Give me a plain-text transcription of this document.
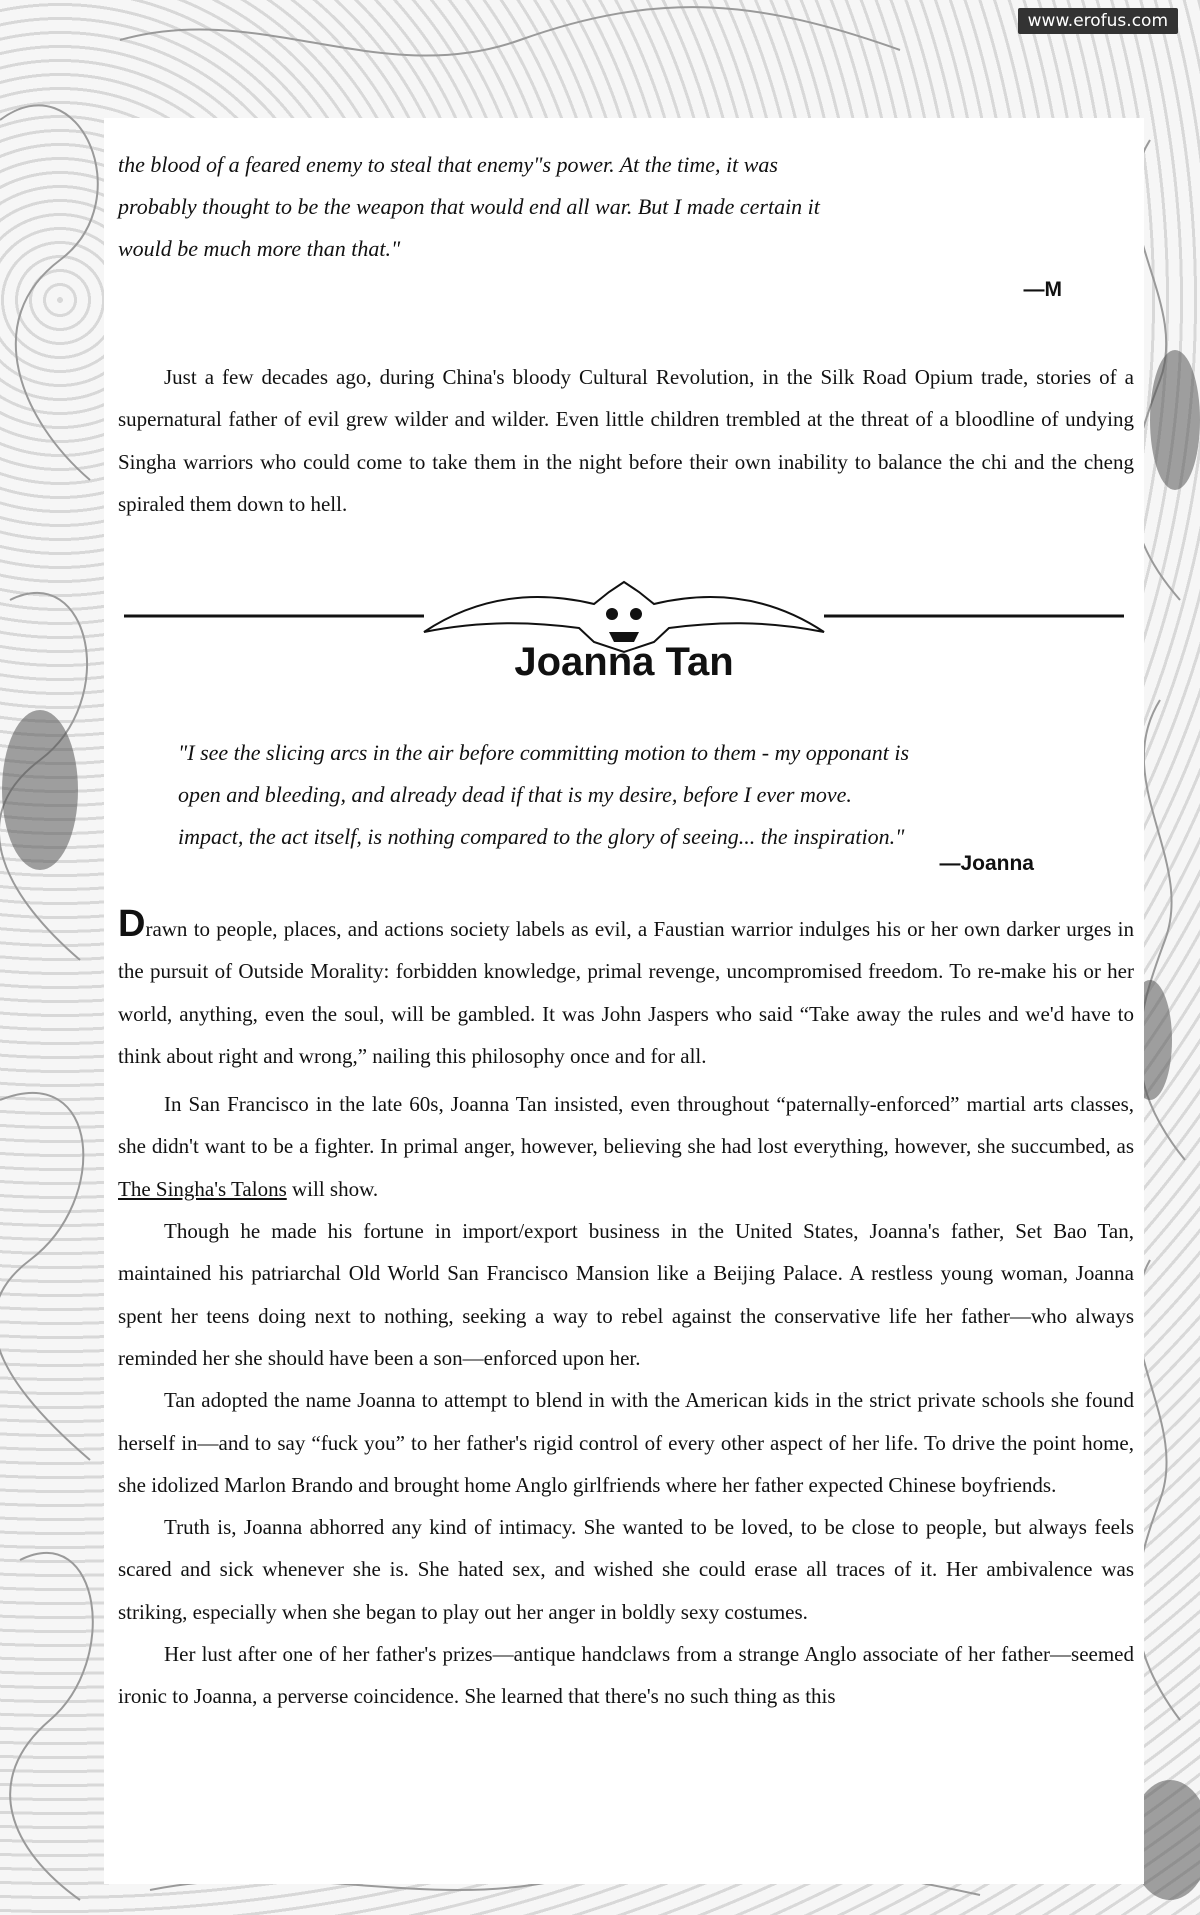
www.erofus.com

the blood of a feared enemy to steal that enemy"s power. At the time, it was

probably thought to be the weapon that would end all war. But I made certain it

would be much more than that."

—M

Just a few decades ago, during China's bloody Cultural Revolution, in the Silk Road Opium trade, stories of a supernatural father of evil grew wilder and wilder. Even little children trembled at the threat of a bloodline of undying Singha warriors who could come to take them in the night before their own inability to balance the chi and the cheng spiraled them down to hell.

Joanna Tan

"I see the slicing arcs in the air before committing motion to them - my opponant is

open and bleeding, and already dead if that is my desire, before I ever move.

impact, the act itself, is nothing compared to the glory of seeing... the inspiration."

—Joanna

Drawn to people, places, and actions society labels as evil, a Faustian warrior indulges his or her own darker urges in the pursuit of Outside Morality: forbidden knowledge, primal revenge, uncompromised freedom. To re-make his or her world, anything, even the soul, will be gambled. It was John Jaspers who said “Take away the rules and we'd have to think about right and wrong,” nailing this philosophy once and for all.

In San Francisco in the late 60s, Joanna Tan insisted, even throughout “paternally-enforced” martial arts classes, she didn't want to be a fighter. In primal anger, however, believing she had lost everything, however, she succumbed, as The Singha's Talons will show.

Though he made his fortune in import/export business in the United States, Joanna's father, Set Bao Tan, maintained his patriarchal Old World San Francisco Mansion like a Beijing Palace. A restless young woman, Joanna spent her teens doing next to nothing, seeking a way to rebel against the conservative life her father—who always reminded her she should have been a son—enforced upon her.

Tan adopted the name Joanna to attempt to blend in with the American kids in the strict private schools she found herself in—and to say “fuck you” to her father's rigid control of every other aspect of her life. To drive the point home, she idolized Marlon Brando and brought home Anglo girlfriends where her father expected Chinese boyfriends.

Truth is, Joanna abhorred any kind of intimacy. She wanted to be loved, to be close to people, but always feels scared and sick whenever she is. She hated sex, and wished she could erase all traces of it. Her ambivalence was striking, especially when she began to play out her anger in boldly sexy costumes.

Her lust after one of her father's prizes—antique handclaws from a strange Anglo associate of her father—seemed ironic to Joanna, a perverse coincidence. She learned that there's no such thing as this
